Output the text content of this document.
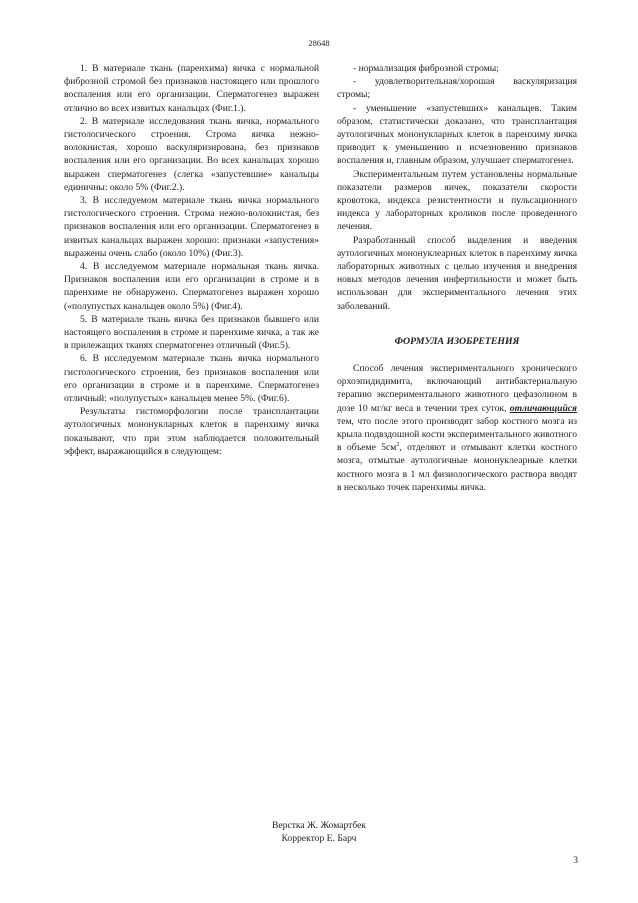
28648

1. В материале ткань (паренхима) яичка с нормальной фиброзной стромой без признаков настоящего или прошлого воспаления или его организации. Сперматогенез выражен отлично во всех извитых канальцах (Фиг.1.).

2. В материале исследования ткань яичка, нормального гистологического строения. Строма яичка нежно-волокнистая, хорошо васкуляризирована, без признаков воспаления или его организации. Во всех канальцах хорошо выражен сперматогенез (слегка «запустевшие» канальцы единичны: около 5% (Фиг.2.).

3. В исследуемом материале ткань яичка нормального гистологического строения. Строма нежно-волокнистая, без признаков воспаления или его организации. Сперматогенез в извитых канальцах выражен хорошо: признаки «запустения» выражены очень слабо (около 10%) (Фиг.3).

4. В исследуемом материале нормальная ткань яичка. Признаков воспаления или его организации в строме и в паренхиме не обнаружено. Сперматогенез выражен хорошо («полупустых канальцев около 5%) (Фиг.4).

5. В материале ткань яичка без признаков бывшего или настоящего воспаления в строме и паренхиме яичка, а так же в прилежащих тканях сперматогенез отличный (Фиг.5).

6. В исследуемом материале ткань яичка нормального гистологического строения, без признаков воспаления или его организации в строме и в паренхиме. Сперматогенез отличный: «полупустых» канальцев менее 5%. (Фиг.6).

Результаты гистоморфологии после трансплантации аутологичных мононукларных клеток в паренхиму яичка показывают, что при этом наблюдается положительный эффект, выражающийся в следующем:

- нормализация фиброзной стромы;

- удовлетворительная/хорошая васкуляризация стромы;

- уменьшение «запустевших» канальцев. Таким образом, статистически доказано, что трансплантация аутологичных мононукларных клеток в паренхиму яичка приводит к уменьшению и исчезновению признаков воспаления и, главным образом, улучшает сперматогенез.

Экспериментальным путем установлены нормальные показатели размеров яичек, показатели скорости кровотока, индекса резистентности и пульсационного индекса у лабораторных кроликов после проведенного лечения.

Разработанный способ выделения и введения аутологичных мононуклеарных клеток в паренхиму яичка лабораторных животных с целью изучения и внедрения новых методов лечения инфертильности и может быть использован для экспериментального лечения этих заболеваний.

ФОРМУЛА ИЗОБРЕТЕНИЯ

Способ лечения экспериментального хронического орхоэпидидимита, включающий антибактериальную терапию экспериментального животного цефазолином в дозе 10 мг/кг веса в течении трех суток, отличающийся тем, что после этого производят забор костного мозга из крыла подвздошной кости экспериментального животного в объеме $5см^2$, отделяют и отмывают клетки костного мозга, отмытые аутологичные мононуклеарные клетки костного мозга в 1 мл физиологического раствора вводят в несколько точек паренхимы яичка.

Верстка Ж. Жомартбек
Корректор Е. Барч
3
